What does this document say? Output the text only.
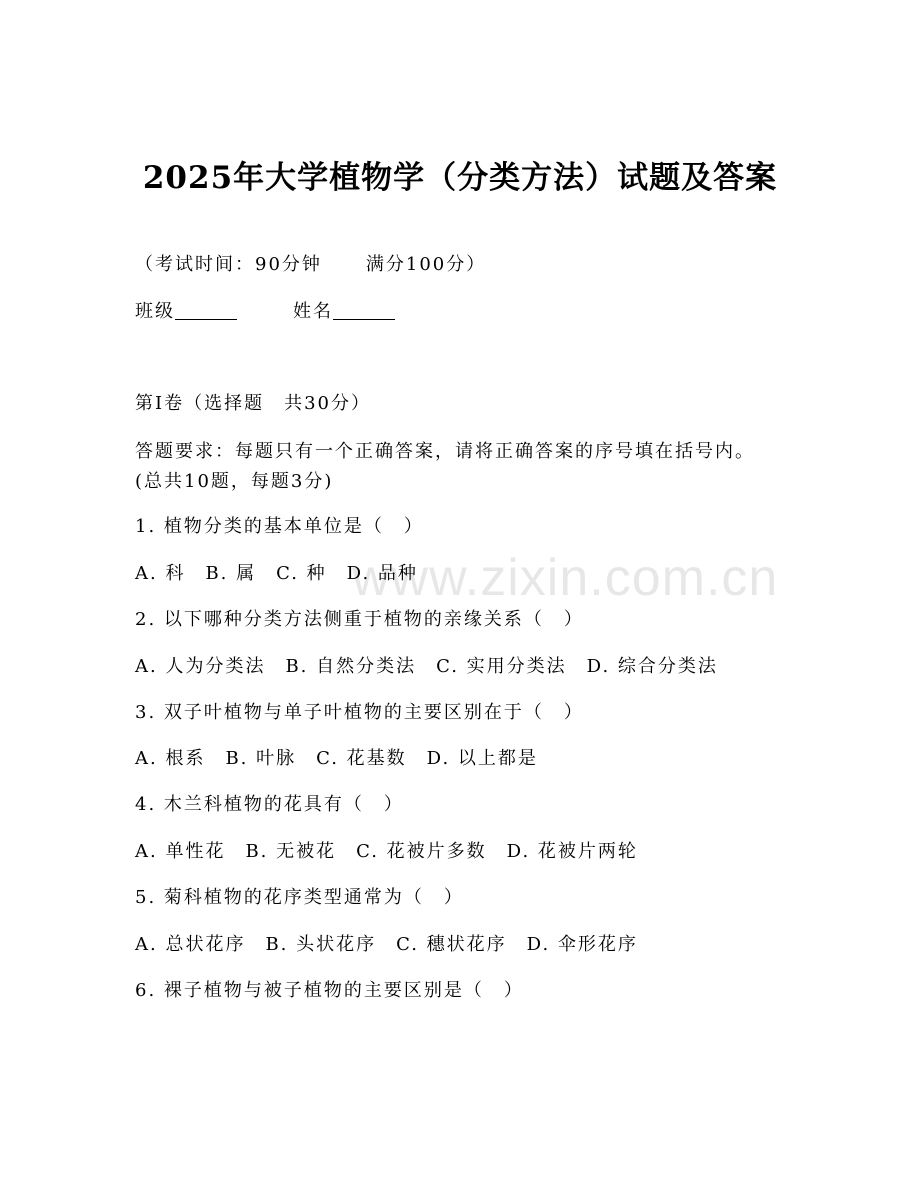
2025年大学植物学（分类方法）试题及答案
（考试时间：90分钟 满分100分）
班级	姓名
第I卷（选择题　共30分）
答题要求：每题只有一个正确答案，请将正确答案的序号填在括号内。(总共10题，每题3分)
1. 植物分类的基本单位是（　）
A. 科　B. 属　C. 种　D. 品种
2. 以下哪种分类方法侧重于植物的亲缘关系（　）
A. 人为分类法　B. 自然分类法　C. 实用分类法　D. 综合分类法
3. 双子叶植物与单子叶植物的主要区别在于（　）
A. 根系　B. 叶脉　C. 花基数　D. 以上都是
4. 木兰科植物的花具有（　）
A. 单性花　B. 无被花　C. 花被片多数　D. 花被片两轮
5. 菊科植物的花序类型通常为（　）
A. 总状花序　B. 头状花序　C. 穗状花序　D. 伞形花序
6. 裸子植物与被子植物的主要区别是（　）
www.zixin.com.cn
